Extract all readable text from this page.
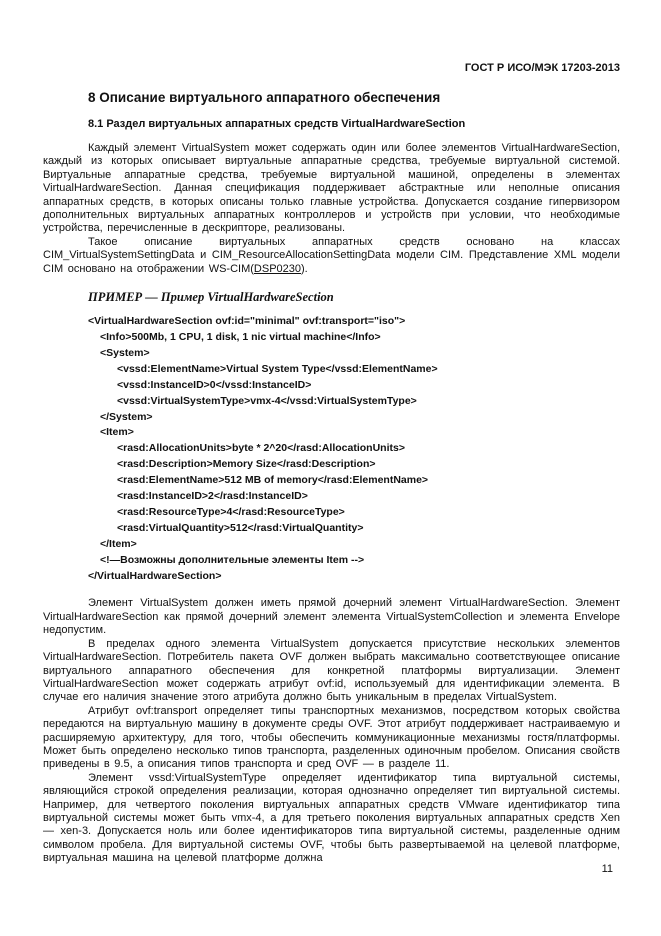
ГОСТ Р ИСО/МЭК 17203-2013
8 Описание виртуального аппаратного обеспечения
8.1 Раздел виртуальных аппаратных средств VirtualHardwareSection

Каждый элемент VirtualSystem может содержать один или более элементов VirtualHardwareSection, каждый из которых описывает виртуальные аппаратные средства, требуемые виртуальной системой. Виртуальные аппаратные средства, требуемые виртуальной машиной, определены в элементах VirtualHardwareSection. Данная спецификация поддерживает абстрактные или неполные описания аппаратных средств, в которых описаны только главные устройства. Допускается создание гипервизором дополнительных виртуальных аппаратных контроллеров и устройств при условии, что необходимые устройства, перечисленные в дескрипторе, реализованы.

Такое описание виртуальных аппаратных средств основано на классах CIM_VirtualSystemSettingData и CIM_ResourceAllocationSettingData модели CIM. Представление XML модели CIM основано на отображении WS-CIM(DSP0230).

ПРИМЕР — Пример VirtualHardwareSection
<VirtualHardwareSection ovf:id="minimal" ovf:transport="iso">
<Info>500Mb, 1 CPU, 1 disk, 1 nic virtual machine</Info>
<System>
<vssd:ElementName>Virtual System Type</vssd:ElementName>
<vssd:InstanceID>0</vssd:InstanceID>
<vssd:VirtualSystemType>vmx-4</vssd:VirtualSystemType>
</System>
<Item>
<rasd:AllocationUnits>byte * 2^20</rasd:AllocationUnits>
<rasd:Description>Memory Size</rasd:Description>
<rasd:ElementName>512 MB of memory</rasd:ElementName>
<rasd:InstanceID>2</rasd:InstanceID>
<rasd:ResourceType>4</rasd:ResourceType>
<rasd:VirtualQuantity>512</rasd:VirtualQuantity>
</Item>
<!—Возможны дополнительные элементы Item -->
</VirtualHardwareSection>

Элемент VirtualSystem должен иметь прямой дочерний элемент VirtualHardwareSection. Элемент VirtualHardwareSection как прямой дочерний элемент элемента VirtualSystemCollection и элемента Envelope недопустим.

В пределах одного элемента VirtualSystem допускается присутствие нескольких элементов VirtualHardwareSection. Потребитель пакета OVF должен выбрать максимально соответствующее описание виртуального аппаратного обеспечения для конкретной платформы виртуализации. Элемент VirtualHardwareSection может содержать атрибут ovf:id, используемый для идентификации элемента. В случае его наличия значение этого атрибута должно быть уникальным в пределах VirtualSystem.

Атрибут ovf:transport определяет типы транспортных механизмов, посредством которых свойства передаются на виртуальную машину в документе среды OVF. Этот атрибут поддерживает настраиваемую и расширяемую архитектуру, для того, чтобы обеспечить коммуникационные механизмы гостя/платформы. Может быть определено несколько типов транспорта, разделенных одиночным пробелом. Описания свойств приведены в 9.5, а описания типов транспорта и сред OVF — в разделе 11.

Элемент vssd:VirtualSystemType определяет идентификатор типа виртуальной системы, являющийся строкой определения реализации, которая однозначно определяет тип виртуальной системы. Например, для четвертого поколения виртуальных аппаратных средств VMware идентификатор типа виртуальной системы может быть vmx-4, а для третьего поколения виртуальных аппаратных средств Xen — xen-3. Допускается ноль или более идентификаторов типа виртуальной системы, разделенные одним символом пробела. Для виртуальной системы OVF, чтобы быть развертываемой на целевой платформе, виртуальная машина на целевой платформе должна

11
